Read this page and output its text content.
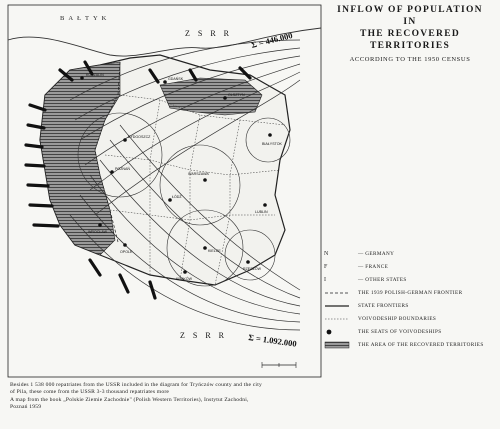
BAŁTYK
KOSZALIN
GDAŃSK
OLSZTYN
BIAŁYSTOK
BYDGOSZCZ
POZNAŃ
WARSZAWA
ŁÓDŹ
LUBLIN
KIELCE
KRAKÓW
RZESZÓW
WROCŁAW
OPOLE
Z S R R Σ = 446.000
Z S R R Σ = 1.092.000
INFLOW OF POPULATION
IN
THE RECOVERED TERRITORIES
ACCORDING TO THE 1950 CENSUS
N	— GERMANY
F	— FRANCE
I	— OTHER STATES
THE 1939 POLISH-GERMAN FRONTIER
STATE FRONTIERS
VOIVODESHIP BOUNDARIES
THE SEATS OF VOIVODESHIPS
THE AREA OF THE RECOVERED TERRITORIES
Besides 1 538 000 repatriates from the USSR included in the diagram for Tryńczów county and the city
of Pila, these come from the USSR 3-3 thousand repatriates more
A map from the book „Polskie Ziemie Zachodnie" (Polish Western Territories), Instytut Zachodni,
Poznań 1959
